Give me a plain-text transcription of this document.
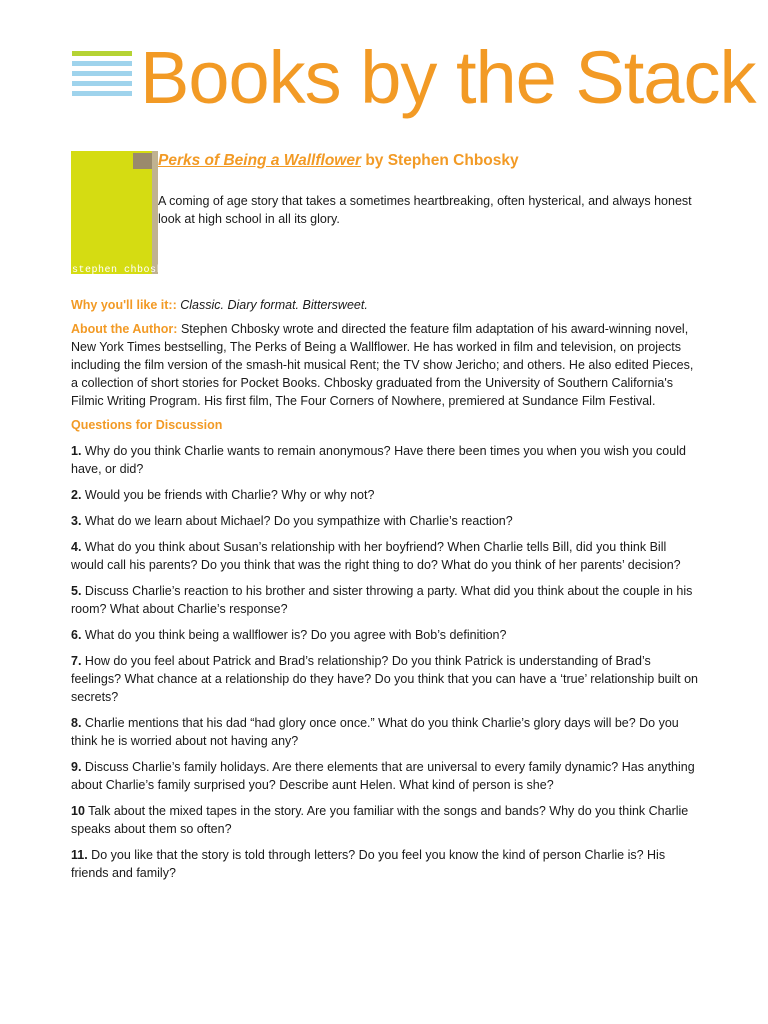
Books by the Stack
stephen chbosky
Perks of Being a Wallflower by Stephen Chbosky
A coming of age story that takes a sometimes heartbreaking, often hysterical, and always honest look at high school in all its glory.

Why you'll like it:: Classic. Diary format. Bittersweet.

About the Author: Stephen Chbosky wrote and directed the feature film adaptation of his award-winning novel, New York Times bestselling, The Perks of Being a Wallflower. He has worked in film and television, on projects including the film version of the smash-hit musical Rent; the TV show Jericho; and others. He also edited Pieces, a collection of short stories for Pocket Books. Chbosky graduated from the University of Southern California's Filmic Writing Program. His first film, The Four Corners of Nowhere, premiered at Sundance Film Festival.

Questions for Discussion

1. Why do you think Charlie wants to remain anonymous? Have there been times you when you wish you could have, or did?

2. Would you be friends with Charlie? Why or why not?

3. What do we learn about Michael? Do you sympathize with Charlie’s reaction?

4. What do you think about Susan’s relationship with her boyfriend? When Charlie tells Bill, did you think Bill would call his parents? Do you think that was the right thing to do? What do you think of her parents’ decision?

5. Discuss Charlie’s reaction to his brother and sister throwing a party. What did you think about the couple in his room? What about Charlie’s response?

6. What do you think being a wallflower is? Do you agree with Bob’s definition?

7. How do you feel about Patrick and Brad’s relationship? Do you think Patrick is understanding of Brad’s feelings? What chance at a relationship do they have? Do you think that you can have a ‘true’ relationship built on secrets?

8. Charlie mentions that his dad “had glory once once.” What do you think Charlie’s glory days will be? Do you think he is worried about not having any?

9. Discuss Charlie’s family holidays. Are there elements that are universal to every family dynamic? Has anything about Charlie’s family surprised you? Describe aunt Helen. What kind of person is she?

10 Talk about the mixed tapes in the story. Are you familiar with the songs and bands? Why do you think Charlie speaks about them so often?

11. Do you like that the story is told through letters? Do you feel you know the kind of person Charlie is? His friends and family?
